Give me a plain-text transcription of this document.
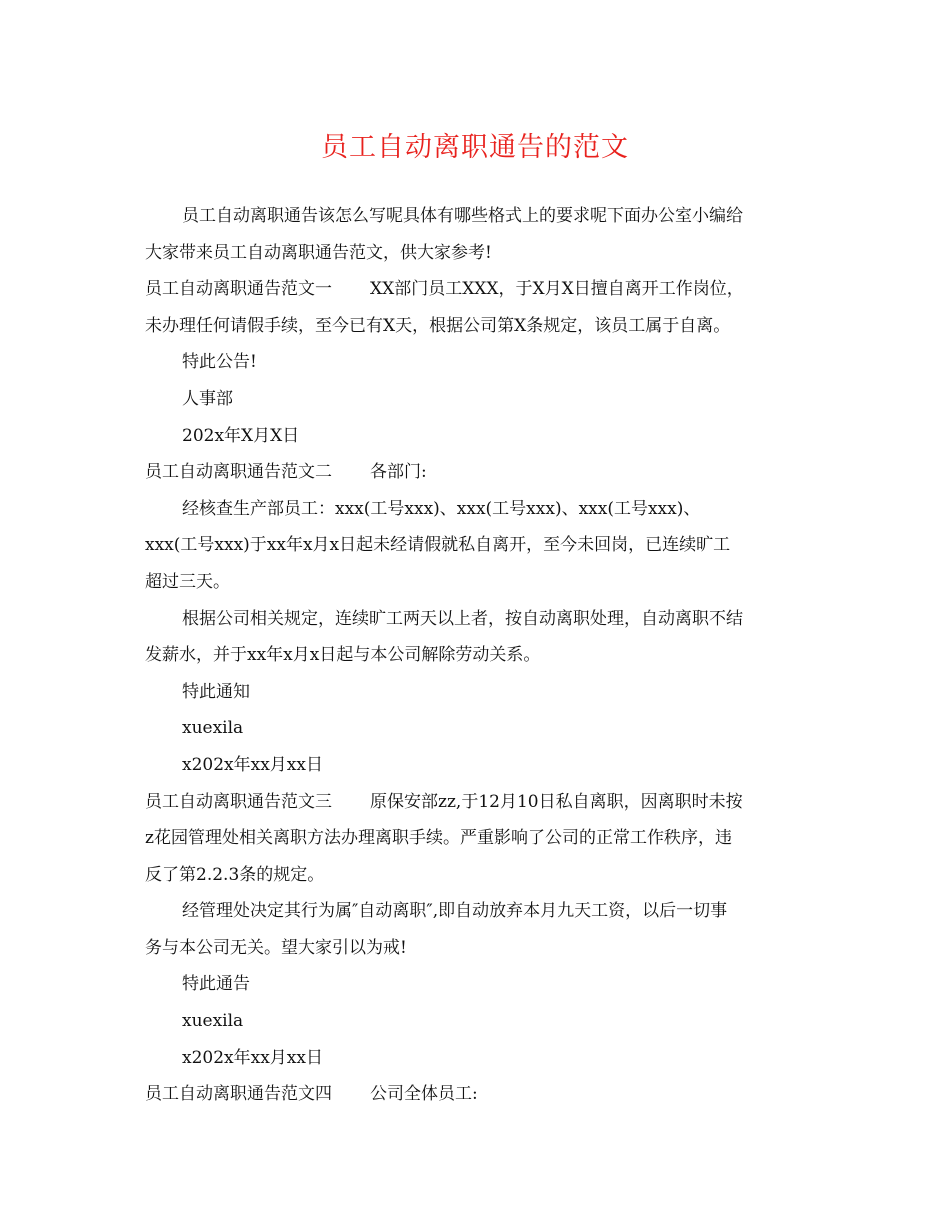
员工自动离职通告的范文
员工自动离职通告该怎么写呢具体有哪些格式上的要求呢下面办公室小编给
大家带来员工自动离职通告范文，供大家参考!
员工自动离职通告范文一 XX部门员工XXX，于X月X日擅自离开工作岗位，
未办理任何请假手续，至今已有X天，根据公司第X条规定，该员工属于自离。
特此公告!
人事部
202x年X月X日
员工自动离职通告范文二 各部门:
经核查生产部员工：xxx(工号xxx)、xxx(工号xxx)、xxx(工号xxx)、
xxx(工号xxx)于xx年x月x日起未经请假就私自离开，至今未回岗，已连续旷工
超过三天。
根据公司相关规定，连续旷工两天以上者，按自动离职处理，自动离职不结
发薪水，并于xx年x月x日起与本公司解除劳动关系。
特此通知
xuexila
x202x年xx月xx日
员工自动离职通告范文三 原保安部zz,于12月10日私自离职，因离职时未按
z花园管理处相关离职方法办理离职手续。严重影响了公司的正常工作秩序，违
反了第2.2.3条的规定。
经管理处决定其行为属″自动离职″,即自动放弃本月九天工资，以后一切事
务与本公司无关。望大家引以为戒!
特此通告
xuexila
x202x年xx月xx日
员工自动离职通告范文四 公司全体员工:
